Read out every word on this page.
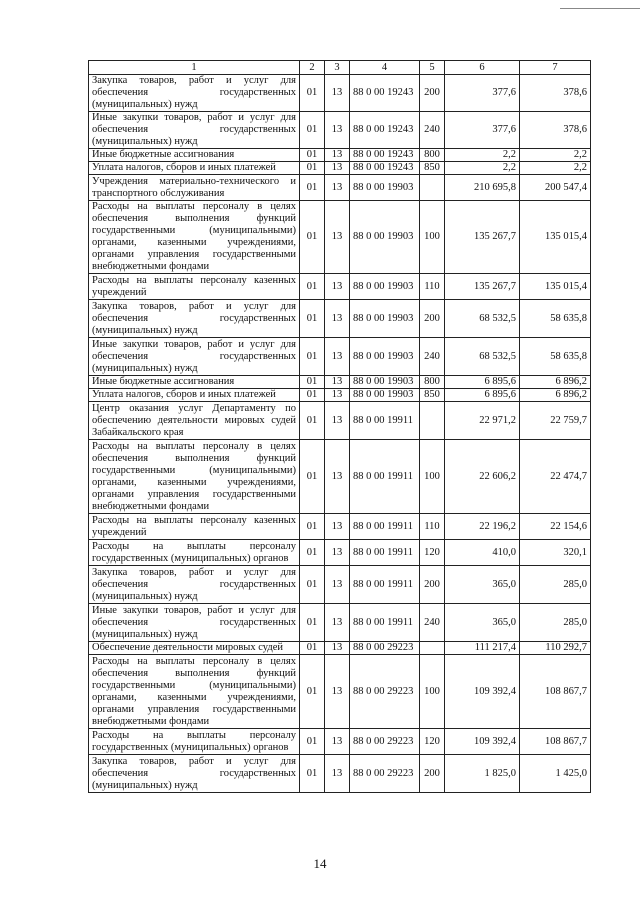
1	2	3	4	5	6	7
Закупка товаров, работ и услуг для обеспечения государственных (муниципальных) нужд	01	13	88 0 00 19243	200	377,6	378,6
Иные закупки товаров, работ и услуг для обеспечения государственных (муниципальных) нужд	01	13	88 0 00 19243	240	377,6	378,6
Иные бюджетные ассигнования	01	13	88 0 00 19243	800	2,2	2,2
Уплата налогов, сборов и иных платежей	01	13	88 0 00 19243	850	2,2	2,2
Учреждения материально-технического и транспортного обслуживания	01	13	88 0 00 19903		210 695,8	200 547,4
Расходы на выплаты персоналу в целях обеспечения выполнения функций государственными (муниципальными) органами, казенными учреждениями, органами управления государственными внебюджетными фондами	01	13	88 0 00 19903	100	135 267,7	135 015,4
Расходы на выплаты персоналу казенных учреждений	01	13	88 0 00 19903	110	135 267,7	135 015,4
Закупка товаров, работ и услуг для обеспечения государственных (муниципальных) нужд	01	13	88 0 00 19903	200	68 532,5	58 635,8
Иные закупки товаров, работ и услуг для обеспечения государственных (муниципальных) нужд	01	13	88 0 00 19903	240	68 532,5	58 635,8
Иные бюджетные ассигнования	01	13	88 0 00 19903	800	6 895,6	6 896,2
Уплата налогов, сборов и иных платежей	01	13	88 0 00 19903	850	6 895,6	6 896,2
Центр оказания услуг Департаменту по обеспечению деятельности мировых судей Забайкальского края	01	13	88 0 00 19911		22 971,2	22 759,7
Расходы на выплаты персоналу в целях обеспечения выполнения функций государственными (муниципальными) органами, казенными учреждениями, органами управления государственными внебюджетными фондами	01	13	88 0 00 19911	100	22 606,2	22 474,7
Расходы на выплаты персоналу казенных учреждений	01	13	88 0 00 19911	110	22 196,2	22 154,6
Расходы на выплаты персоналу государственных (муниципальных) органов	01	13	88 0 00 19911	120	410,0	320,1
Закупка товаров, работ и услуг для обеспечения государственных (муниципальных) нужд	01	13	88 0 00 19911	200	365,0	285,0
Иные закупки товаров, работ и услуг для обеспечения государственных (муниципальных) нужд	01	13	88 0 00 19911	240	365,0	285,0
Обеспечение деятельности мировых судей	01	13	88 0 00 29223		111 217,4	110 292,7
Расходы на выплаты персоналу в целях обеспечения выполнения функций государственными (муниципальными) органами, казенными учреждениями, органами управления государственными внебюджетными фондами	01	13	88 0 00 29223	100	109 392,4	108 867,7
Расходы на выплаты персоналу государственных (муниципальных) органов	01	13	88 0 00 29223	120	109 392,4	108 867,7
Закупка товаров, работ и услуг для обеспечения государственных (муниципальных) нужд	01	13	88 0 00 29223	200	1 825,0	1 425,0
14
